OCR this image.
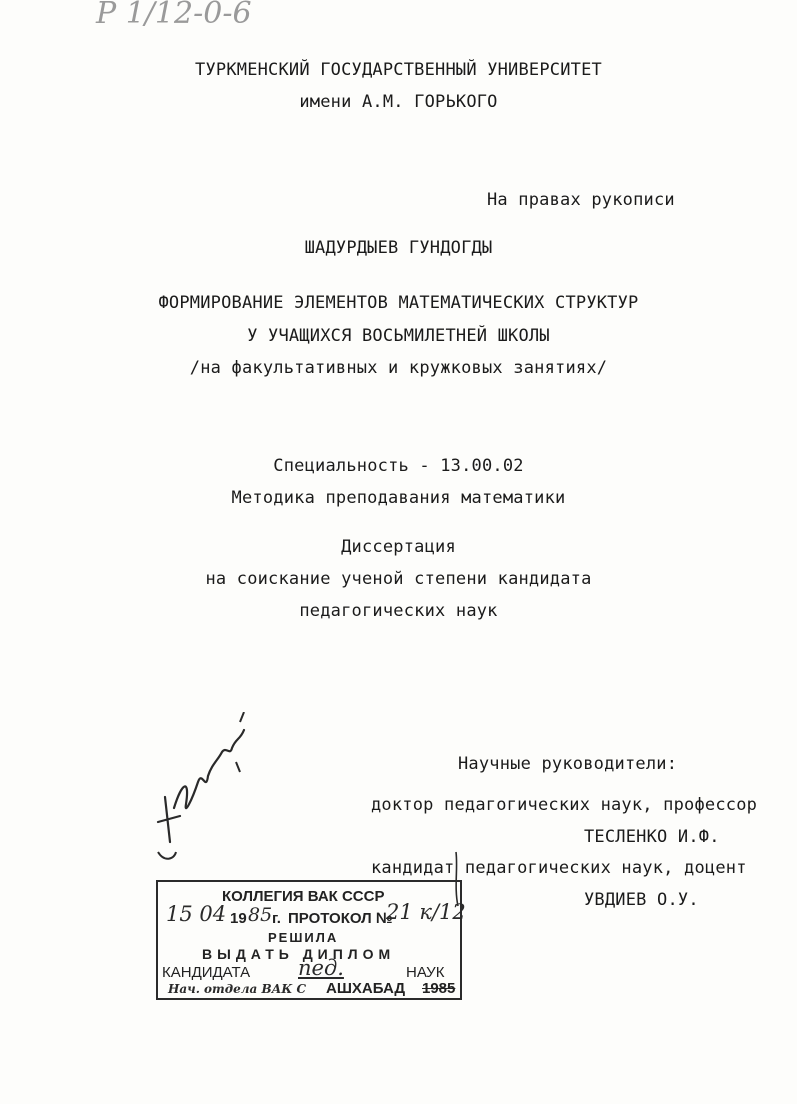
Р 1/12-0-6
ТУРКМЕНСКИЙ ГОСУДАРСТВЕННЫЙ УНИВЕРСИТЕТ
имени А.М. ГОРЬКОГО
На правах рукописи
ШАДУРДЫЕВ ГУНДОГДЫ
ФОРМИРОВАНИЕ ЭЛЕМЕНТОВ МАТЕМАТИЧЕСКИХ СТРУКТУР
У УЧАЩИХСЯ ВОСЬМИЛЕТНЕЙ ШКОЛЫ
/на факультативных и кружковых занятиях/
Специальность - 13.00.02
Методика преподавания математики
Диссертация
на соискание ученой степени кандидата
педагогических наук
Научные руководители:
доктор педагогических наук, профессор
ТЕСЛЕНКО И.Ф.
кандидат педагогических наук, доцент
УВДИЕВ О.У.
КОЛЛЕГИЯ ВАК СССР
15 04 19 85 г. ПРОТОКОЛ №
21 к/12
РЕШИЛА
ВЫДАТЬ ДИПЛОМ
КАНДИДАТА пед.	НАУК
Нач. отдела ВАК С АШХАБАД 1985
